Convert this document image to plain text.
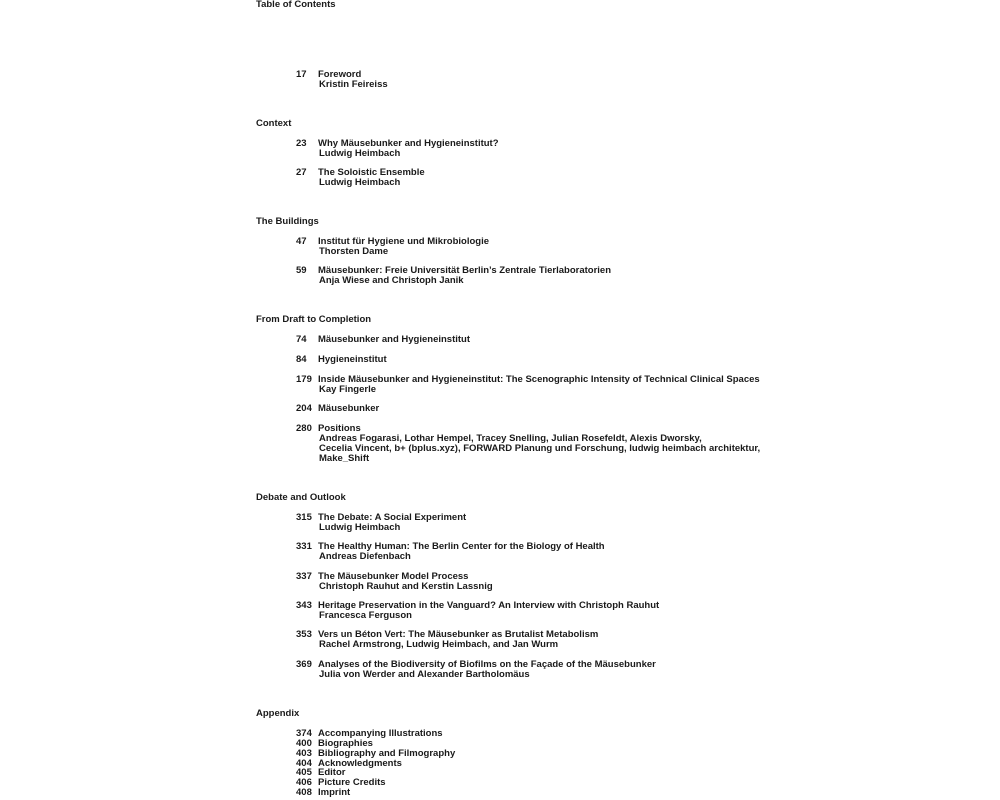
Table of Contents
17 Foreword
Kristin Feireiss
Context
23 Why Mäusebunker and Hygieneinstitut?
Ludwig Heimbach
27 The Soloistic Ensemble
Ludwig Heimbach
The Buildings
47 Institut für Hygiene und Mikrobiologie
Thorsten Dame
59 Mäusebunker: Freie Universität Berlin’s Zentrale Tierlaboratorien
Anja Wiese and Christoph Janik
From Draft to Completion
74 Mäusebunker and Hygieneinstitut
84 Hygieneinstitut
179 Inside Mäusebunker and Hygieneinstitut: The Scenographic Intensity of Technical Clinical Spaces
Kay Fingerle
204 Mäusebunker
280 Positions
Andreas Fogarasi, Lothar Hempel, Tracey Snelling, Julian Rosefeldt, Alexis Dworsky,
Cecelia Vincent, b+ (bplus.xyz), FORWARD Planung und Forschung, ludwig heimbach architektur,
Make_Shift
Debate and Outlook
315 The Debate: A Social Experiment
Ludwig Heimbach
331 The Healthy Human: The Berlin Center for the Biology of Health
Andreas Diefenbach
337 The Mäusebunker Model Process
Christoph Rauhut and Kerstin Lassnig
343 Heritage Preservation in the Vanguard? An Interview with Christoph Rauhut
Francesca Ferguson
353 Vers un Béton Vert: The Mäusebunker as Brutalist Metabolism
Rachel Armstrong, Ludwig Heimbach, and Jan Wurm
369 Analyses of the Biodiversity of Biofilms on the Façade of the Mäusebunker
Julia von Werder and Alexander Bartholomäus
Appendix
374 Accompanying Illustrations
400 Biographies
403 Bibliography and Filmography
404 Acknowledgments
405 Editor
406 Picture Credits
408 Imprint
